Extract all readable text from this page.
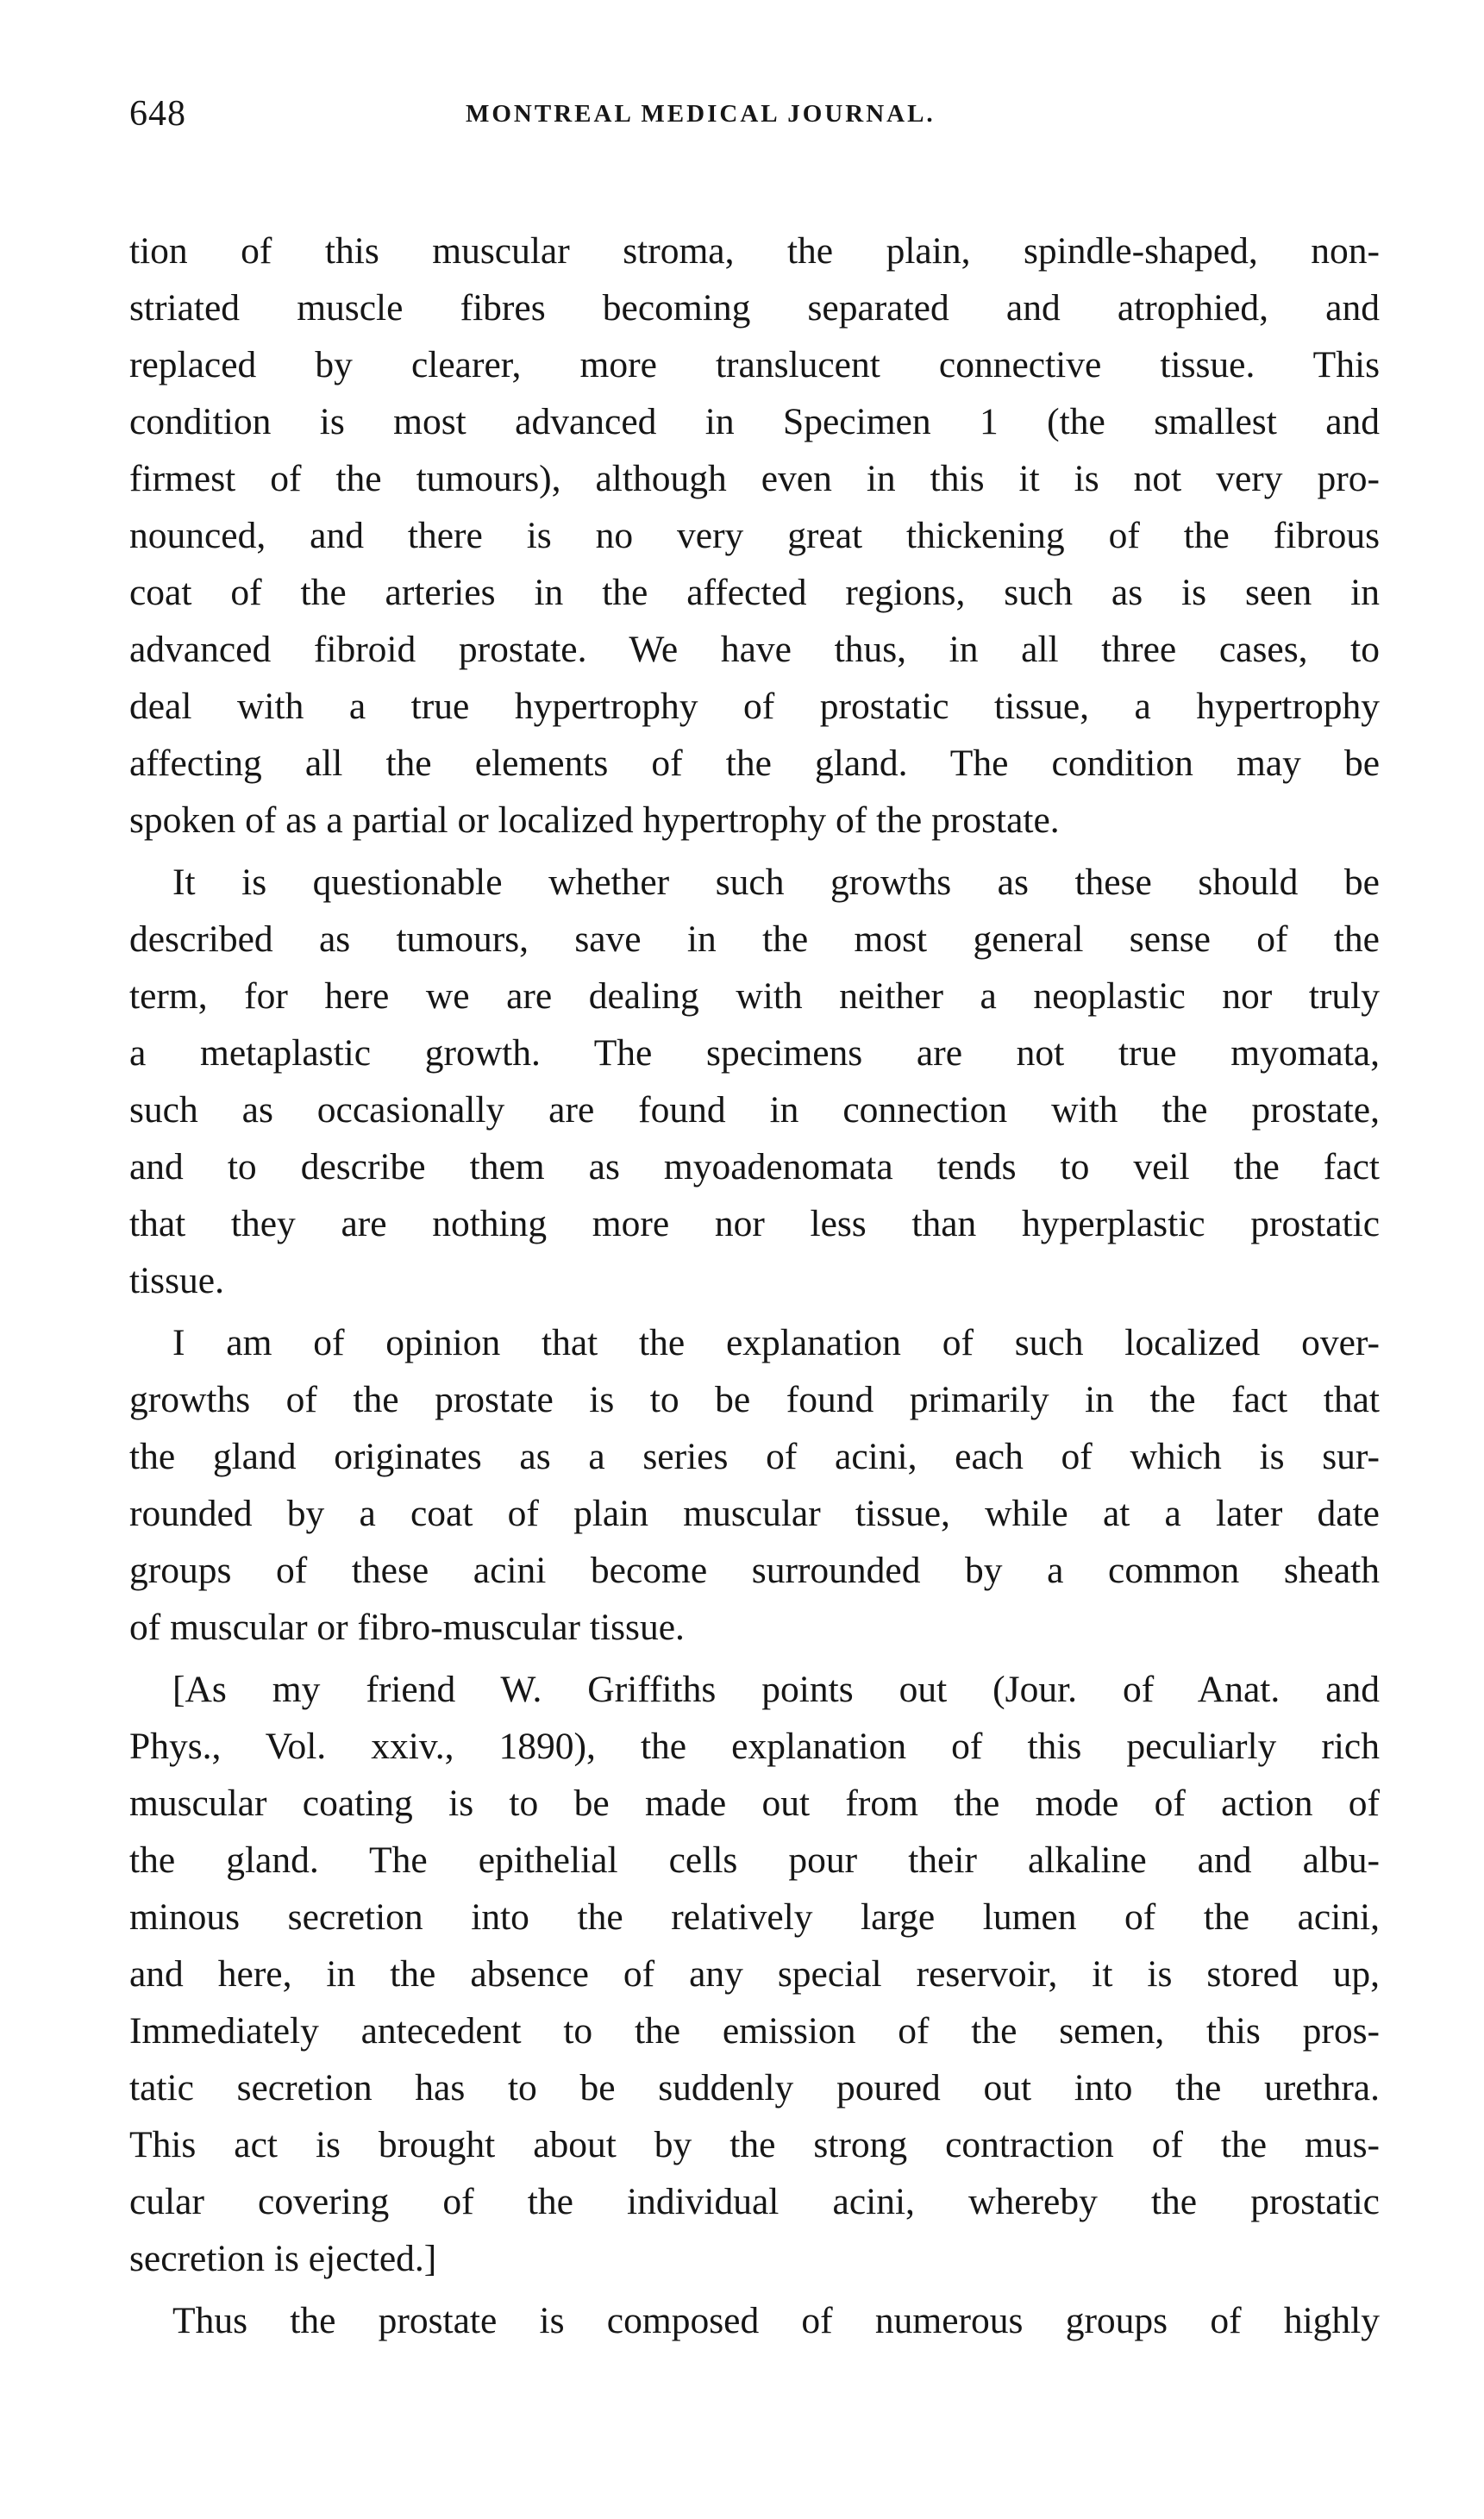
648	MONTREAL MEDICAL JOURNAL.
tion of this muscular stroma, the plain, spindle-shaped, non-
striated muscle fibres becoming separated and atrophied, and
replaced by clearer, more translucent connective tissue. This
condition is most advanced in Specimen 1 (the smallest and
firmest of the tumours), although even in this it is not very pro-
nounced, and there is no very great thickening of the fibrous
coat of the arteries in the affected regions, such as is seen in
advanced fibroid prostate. We have thus, in all three cases, to
deal with a true hypertrophy of prostatic tissue, a hypertrophy
affecting all the elements of the gland. The condition may be
spoken of as a partial or localized hypertrophy of the prostate.
It is questionable whether such growths as these should be
described as tumours, save in the most general sense of the
term, for here we are dealing with neither a neoplastic nor truly
a metaplastic growth. The specimens are not true myomata,
such as occasionally are found in connection with the prostate,
and to describe them as myoadenomata tends to veil the fact
that they are nothing more nor less than hyperplastic prostatic
tissue.
I am of opinion that the explanation of such localized over-
growths of the prostate is to be found primarily in the fact that
the gland originates as a series of acini, each of which is sur-
rounded by a coat of plain muscular tissue, while at a later date
groups of these acini become surrounded by a common sheath
of muscular or fibro-muscular tissue.
[As my friend W. Griffiths points out (Jour. of Anat. and
Phys., Vol. xxiv., 1890), the explanation of this peculiarly rich
muscular coating is to be made out from the mode of action of
the gland. The epithelial cells pour their alkaline and albu-
minous secretion into the relatively large lumen of the acini,
and here, in the absence of any special reservoir, it is stored up,
Immediately antecedent to the emission of the semen, this pros-
tatic secretion has to be suddenly poured out into the urethra.
This act is brought about by the strong contraction of the mus-
cular covering of the individual acini, whereby the prostatic
secretion is ejected.]
Thus the prostate is composed of numerous groups of highly
